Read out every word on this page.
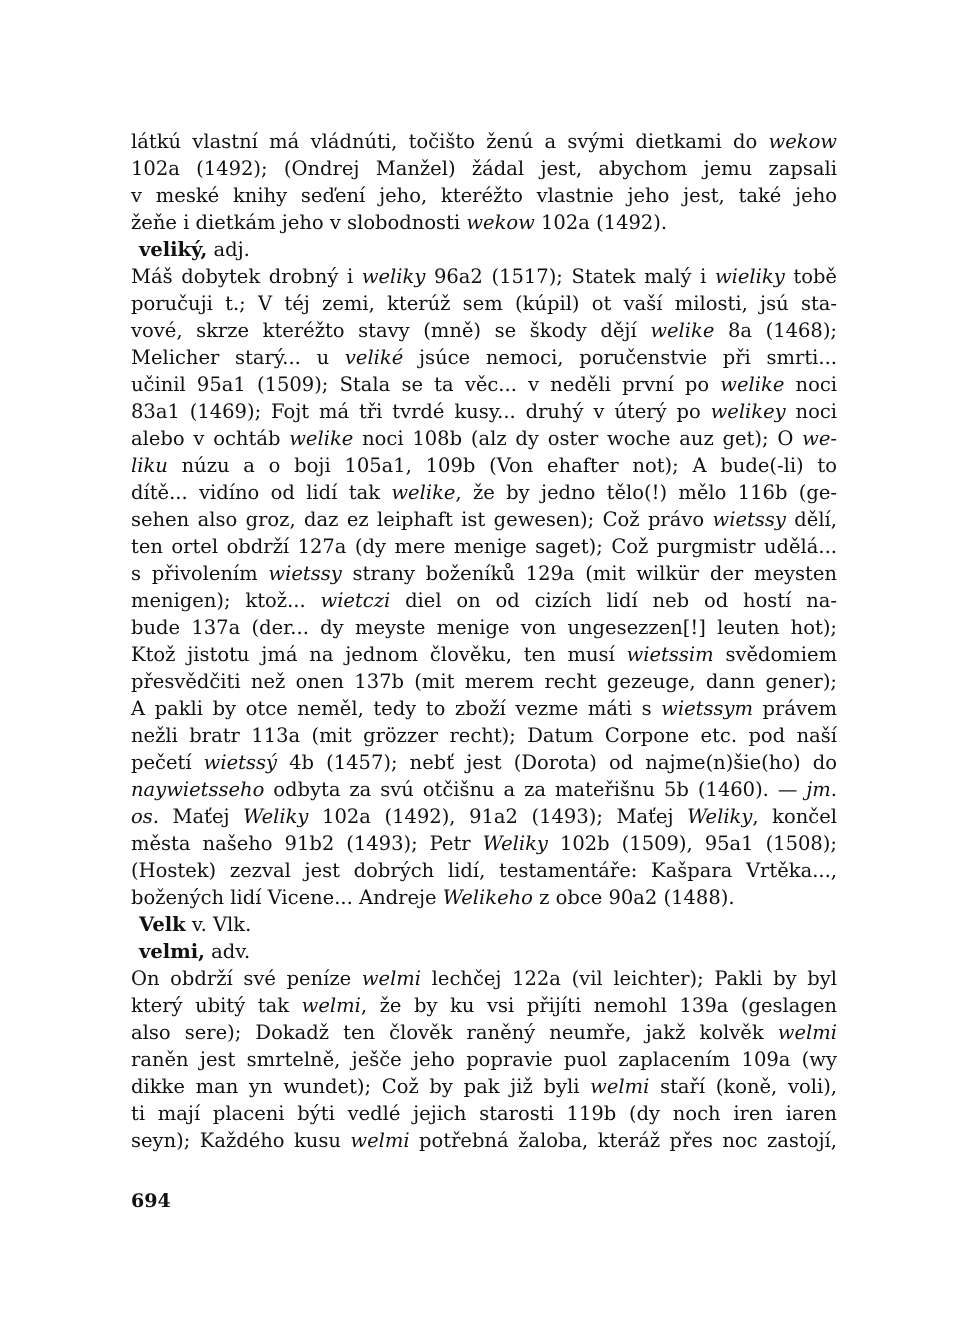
látkú vlastní má vládnúti, točišto ženú a svými dietkami do wekow
102a (1492); (Ondrej Manžel) žádal jest, abychom jemu zapsali
v meské knihy seďení jeho, kteréžto vlastnie jeho jest, také jeho
žeňe i dietkám jeho v slobodnosti wekow 102a (1492).
veliký, adj.
Máš dobytek drobný i weliky 96a2 (1517); Statek malý i wieliky tobě
poručuji t.; V téj zemi, kterúž sem (kúpil) ot vaší milosti, jsú sta-
vové, skrze kteréžto stavy (mně) se škody dějí welike 8a (1468);
Melicher starý... u veliké jsúce nemoci, poručenstvie při smrti...
učinil 95a1 (1509); Stala se ta věc... v neděli první po welike noci
83a1 (1469); Fojt má tři tvrdé kusy... druhý v úterý po welikey noci
alebo v ochtáb welike noci 108b (alz dy oster woche auz get); O we-
liku núzu a o boji 105a1, 109b (Von ehafter not); A bude(-li) to
dítě... vidíno od lidí tak welike, že by jedno tělo(!) mělo 116b (ge-
sehen also groz, daz ez leiphaft ist gewesen); Což právo wietssy dělí,
ten ortel obdrží 127a (dy mere menige saget); Což purgmistr udělá...
s přivolením wietssy strany boženíků 129a (mit wilkür der meysten
menigen); ktož... wietczi diel on od cizích lidí neb od hostí na-
bude 137a (der... dy meyste menige von ungesezzen[!] leuten hot);
Ktož jistotu jmá na jednom člověku, ten musí wietssim svědomiem
přesvědčiti než onen 137b (mit merem recht gezeuge, dann gener);
A pakli by otce neměl, tedy to zboží vezme máti s wietssym právem
nežli bratr 113a (mit grözzer recht); Datum Corpone etc. pod naší
pečetí wietssý 4b (1457); nebť jest (Dorota) od najme(n)šie(ho) do
naywietsseho odbyta za svú otčišnu a za mateřišnu 5b (1460). — jm.
os. Maťej Weliky 102a (1492), 91a2 (1493); Maťej Weliky, končel
města našeho 91b2 (1493); Petr Weliky 102b (1509), 95a1 (1508);
(Hostek) zezval jest dobrých lidí, testamentáře: Kašpara Vrtěka...,
božených lidí Vicene... Andreje Welikeho z obce 90a2 (1488).
Velk v. Vlk.
velmi, adv.
On obdrží své peníze welmi lechčej 122a (vil leichter); Pakli by byl
který ubitý tak welmi, že by ku vsi přijíti nemohl 139a (geslagen
also sere); Dokadž ten člověk raněný neumře, jakž kolvěk welmi
raněn jest smrtelně, ješče jeho popravie puol zaplacením 109a (wy
dikke man yn wundet); Což by pak již byli welmi staří (koně, voli),
ti mají placeni býti vedlé jejich starosti 119b (dy noch iren iaren
seyn); Každého kusu welmi potřebná žaloba, kteráž přes noc zastojí,
694
